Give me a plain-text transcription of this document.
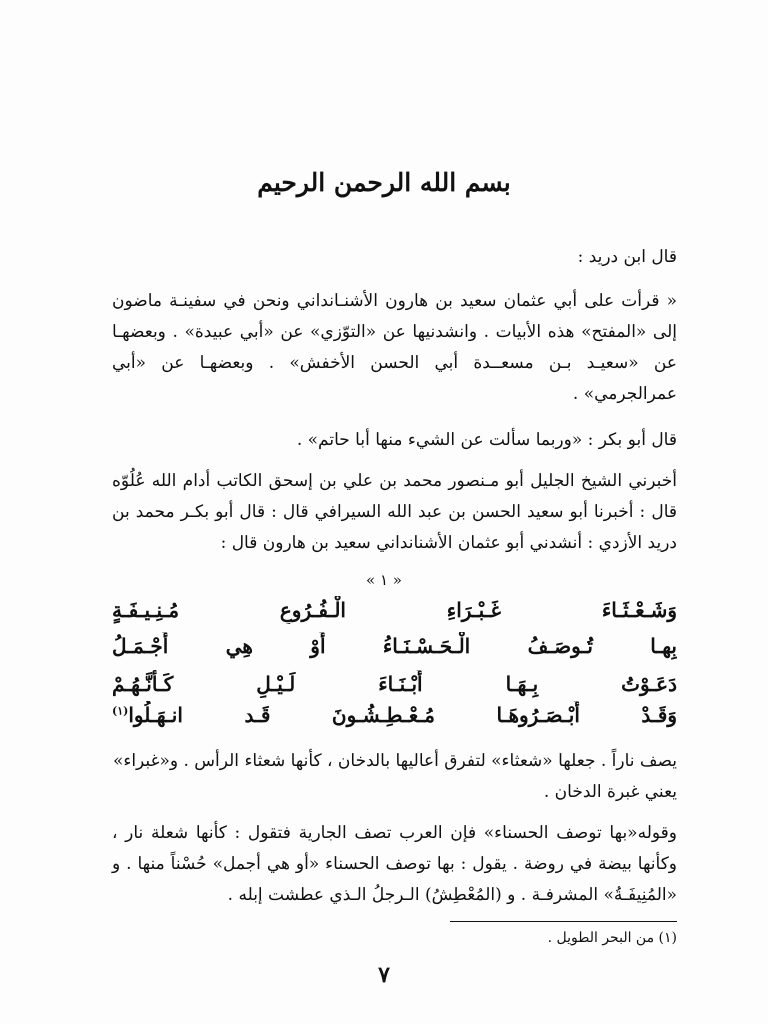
بسم الله الرحمن الرحيم
قال ابن دريد :
« قرأت على أبي عثمان سعيد بن هارون الأشنـانداني ونحن في سفينـة ماضون إلى «المفتح» هذه الأبيات . وانشدنيها عن «التوّزي» عن «أبي عبيدة» . وبعضهـا عن «سعيـد بـن مسعــدة أبي الحسن الأخفش» . وبعضهـا عن «أبي عمرالجرمي» .
قال أبو بكر : «وربما سألت عن الشيء منها أبا حاتم» .
أخبرني الشيخ الجليل أبو مـنصور محمد بن علي بن إسحق الكاتب أدام الله عُلُوّه قال : أخبرنا أبو سعيد الحسن بن عبد الله السيرافي قال : قال أبو بكـر محمد بن دريد الأزدي : أنشدني أبو عثمان الأشنانداني سعيد بن هارون قال :
« ١ »
وَشَـعْـثَـاءَ غَـبْـرَاءِ الْـفُـرُوعِ مُـنِـيـفَـةٍ
بِهـا تُـوصَـفُ الْـحَـسْـنَـاءُ أَوْ هِي أَجْـمَـلُ
دَعَـوْتُ بِـهَـا أَبْـنَـاءَ لَـيْـلٍ كَـأَنَّـهُـمْ
وَقَـدْ أَبْـصَـرُوهَـا مُـعْـطِـشُـونَ قَـد انـهَـلُوا$^{(١)}$
يصف ناراً . جعلها «شعثاء» لتفرق أعاليها بالدخان ، كأنها شعثاء الرأس . و«غبراء» يعني غبرة الدخان .
وقوله«بها توصف الحسناء» فإن العرب تصف الجارية فتقول : كأنها شعلة نار ، وكأنها بيضة في روضة . يقول : بها توصف الحسناء «أو هي أجمل» حُسْناً منها . و «المُنِيفَـةُ» المشرفـة . و (المُعْطِشُ) الـرجلُ الـذي عطشت إبله .
(١) من البحر الطويل .
٧
